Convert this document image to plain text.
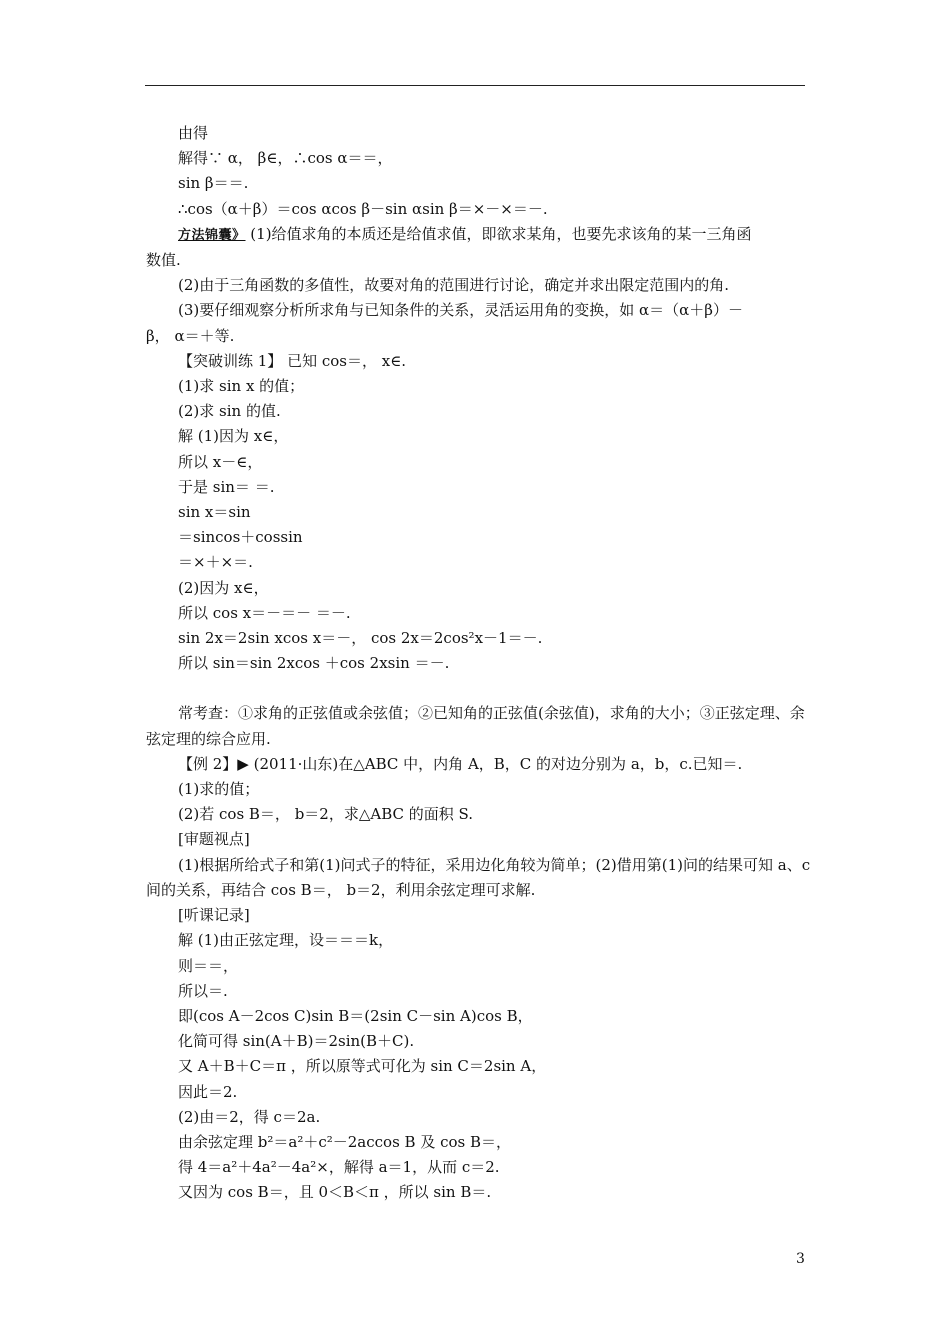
由得

解得∵ α， β∈，∴cos α＝＝，

sin β＝＝.

∴cos（α＋β）＝cos αcos β－sin αsin β＝×－×＝－.

方法锦囊》 (1)给值求角的本质还是给值求值，即欲求某角，也要先求该角的某一三角函

数值.

(2)由于三角函数的多值性，故要对角的范围进行讨论，确定并求出限定范围内的角.

(3)要仔细观察分析所求角与已知条件的关系，灵活运用角的变换，如 α＝（α＋β）－

β， α＝＋等.

【突破训练 1】 已知 cos＝， x∈.

(1)求 sin x 的值；

(2)求 sin 的值.

解 (1)因为 x∈，

所以 x－∈，

于是 sin＝ ＝.

sin x＝sin

＝sincos＋cossin

＝×＋×＝.

(2)因为 x∈，

所以 cos x＝－＝－ ＝－.

sin 2x＝2sin xcos x＝－， cos 2x＝2cos²x－1＝－.

所以 sin＝sin 2xcos ＋cos 2xsin ＝－.

常考查：①求角的正弦值或余弦值；②已知角的正弦值(余弦值)，求角的大小；③正弦定理、余弦定理的综合应用.

【例 2】▶ (2011·山东)在△ABC 中，内角 A，B，C 的对边分别为 a，b，c.已知＝.

(1)求的值；

(2)若 cos B＝， b＝2，求△ABC 的面积 S.

[审题视点]

(1)根据所给式子和第(1)问式子的特征，采用边化角较为简单；(2)借用第(1)问的结果可知 a、c 间的关系，再结合 cos B＝， b＝2，利用余弦定理可求解.

[听课记录]

解 (1)由正弦定理，设＝＝＝k，

则＝＝，

所以＝.

即(cos A－2cos C)sin B＝(2sin C－sin A)cos B，

化简可得 sin(A＋B)＝2sin(B＋C).

又 A＋B＋C＝π ，所以原等式可化为 sin C＝2sin A，

因此＝2.

(2)由＝2，得 c＝2a.

由余弦定理 b²＝a²＋c²－2accos B 及 cos B＝，

得 4＝a²＋4a²－4a²×，解得 a＝1，从而 c＝2.

又因为 cos B＝，且 0＜B＜π ，所以 sin B＝.

3
